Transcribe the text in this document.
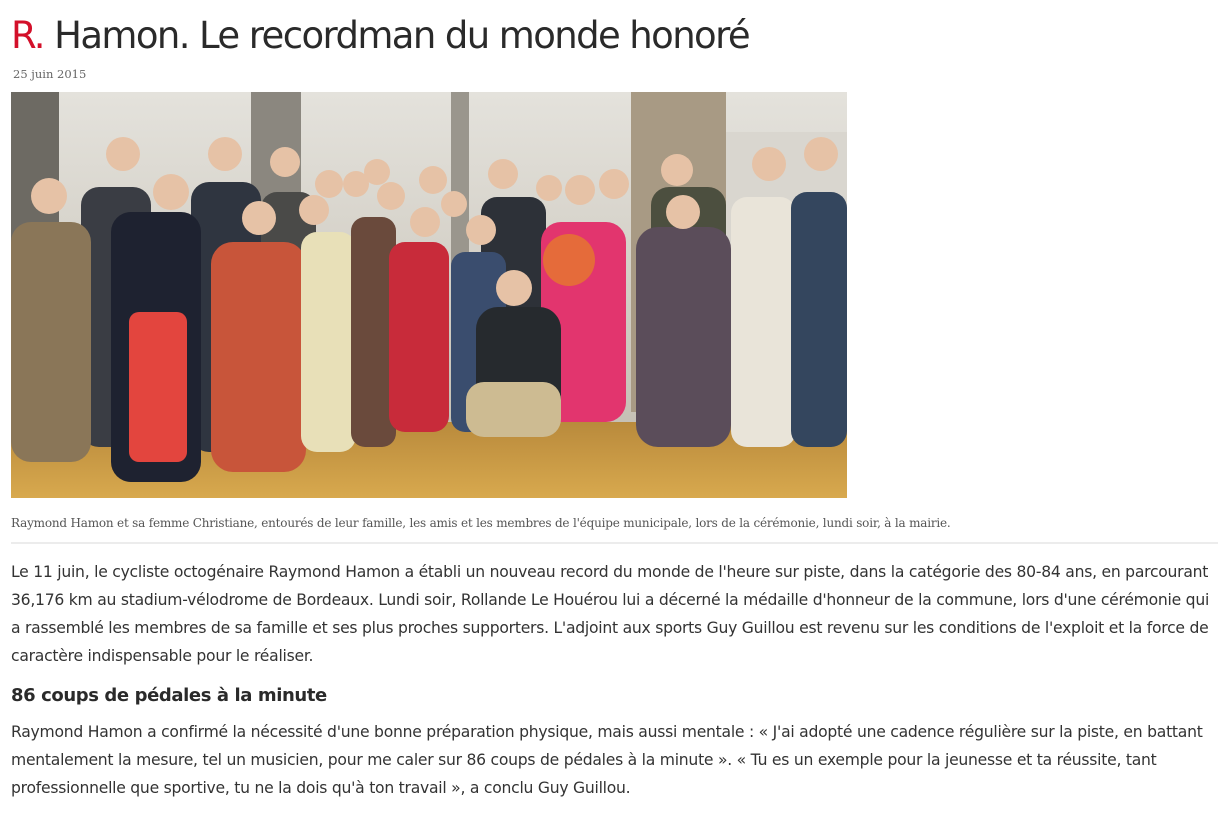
R. Hamon. Le recordman du monde honoré
25 juin 2015
Raymond Hamon et sa femme Christiane, entourés de leur famille, les amis et les membres de l'équipe municipale, lors de la cérémonie, lundi soir, à la mairie.

Le 11 juin, le cycliste octogénaire Raymond Hamon a établi un nouveau record du monde de l'heure sur piste, dans la catégorie des 80-84 ans, en parcourant 36,176 km au stadium-vélodrome de Bordeaux. Lundi soir, Rollande Le Houérou lui a décerné la médaille d'honneur de la commune, lors d'une cérémonie qui a rassemblé les membres de sa famille et ses plus proches supporters. L'adjoint aux sports Guy Guillou est revenu sur les conditions de l'exploit et la force de caractère indispensable pour le réaliser.

86 coups de pédales à la minute

Raymond Hamon a confirmé la nécessité d'une bonne préparation physique, mais aussi mentale : « J'ai adopté une cadence régulière sur la piste, en battant mentalement la mesure, tel un musicien, pour me caler sur 86 coups de pédales à la minute ». « Tu es un exemple pour la jeunesse et ta réussite, tant professionnelle que sportive, tu ne la dois qu'à ton travail », a conclu Guy Guillou.
